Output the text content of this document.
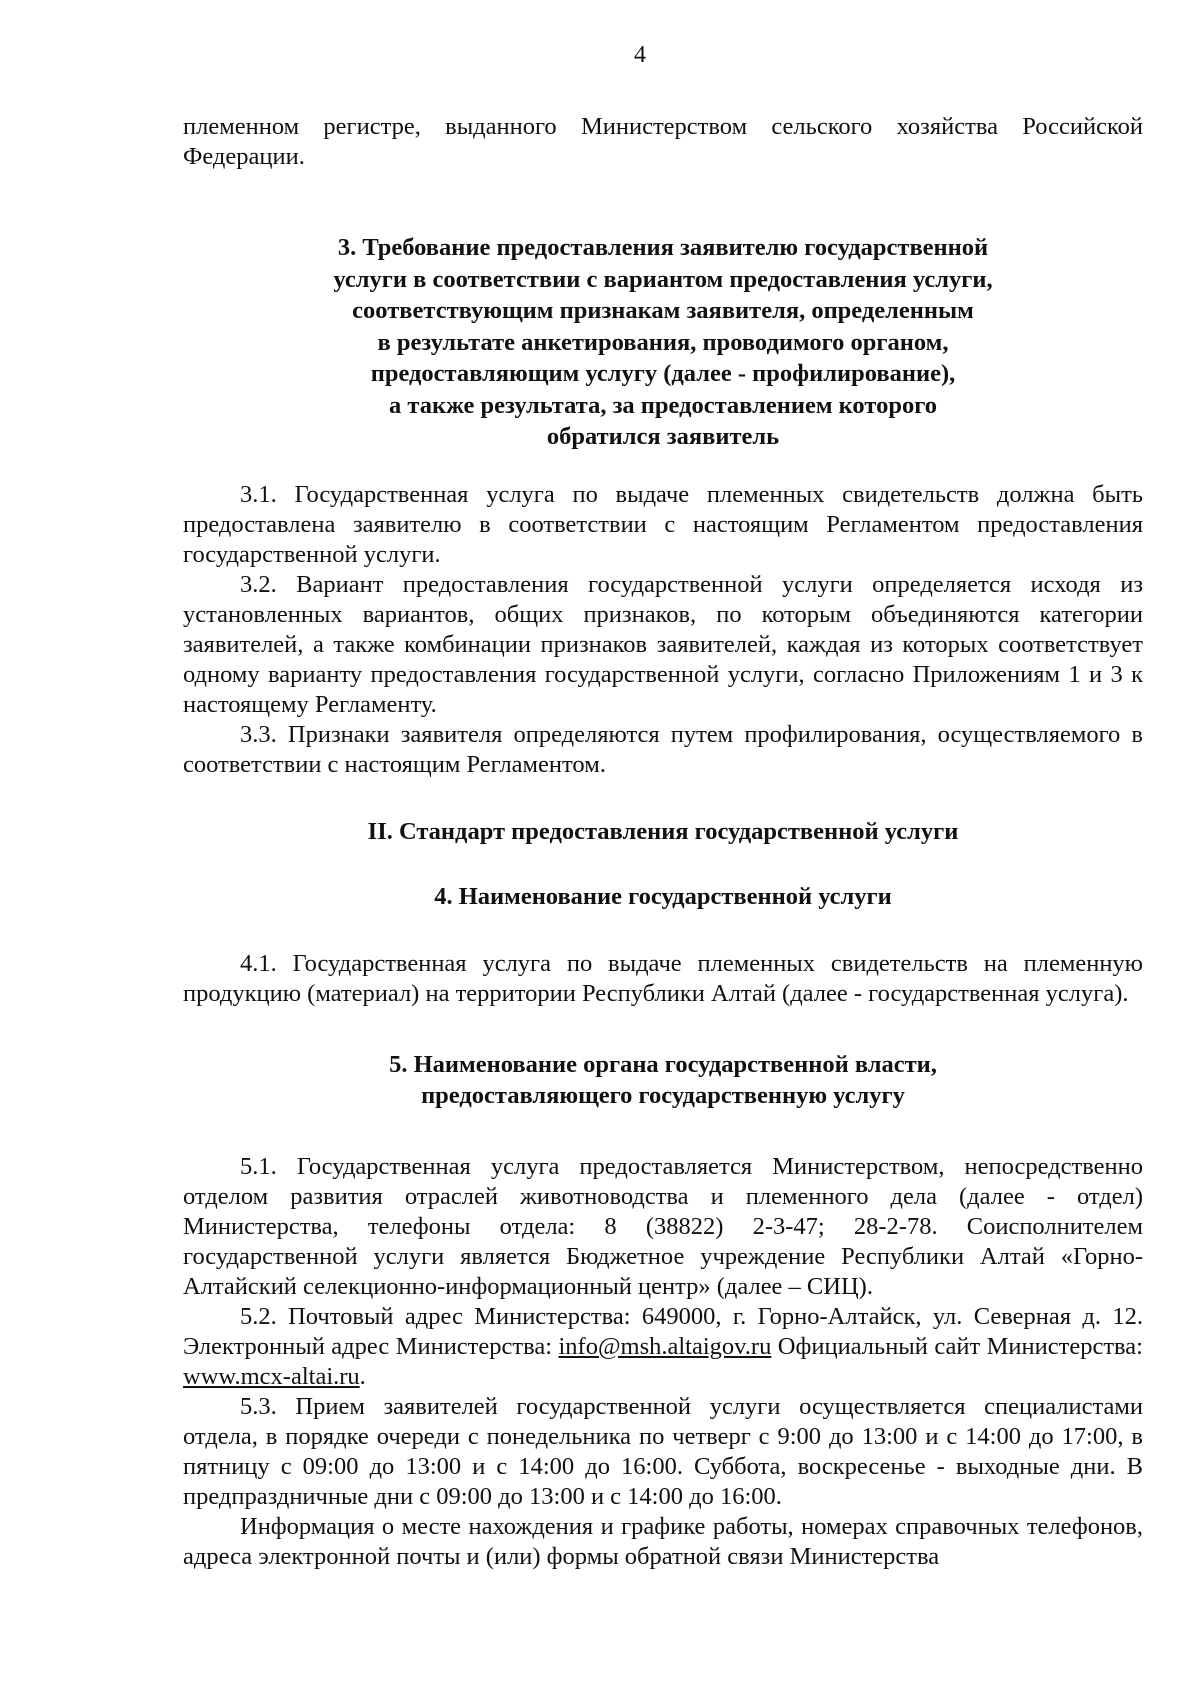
4

племенном регистре, выданного Министерством сельского хозяйства Российской Федерации.

3. Требование предоставления заявителю государственной
услуги в соответствии с вариантом предоставления услуги,
соответствующим признакам заявителя, определенным
в результате анкетирования, проводимого органом,
предоставляющим услугу (далее - профилирование),
а также результата, за предоставлением которого
обратился заявитель

3.1. Государственная услуга по выдаче племенных свидетельств должна быть предоставлена заявителю в соответствии с настоящим Регламентом предоставления государственной услуги.

3.2. Вариант предоставления государственной услуги определяется исходя из установленных вариантов, общих признаков, по которым объединяются категории заявителей, а также комбинации признаков заявителей, каждая из которых соответствует одному варианту предоставления государственной услуги, согласно Приложениям 1 и 3 к настоящему Регламенту.

3.3. Признаки заявителя определяются путем профилирования, осуществляемого в соответствии с настоящим Регламентом.

II. Стандарт предоставления государственной услуги
4. Наименование государственной услуги

4.1. Государственная услуга по выдаче племенных свидетельств на племенную продукцию (материал) на территории Республики Алтай (далее - государственная услуга).

5. Наименование органа государственной власти,
предоставляющего государственную услугу

5.1. Государственная услуга предоставляется Министерством, непосредственно отделом развития отраслей животноводства и племенного дела (далее - отдел) Министерства, телефоны отдела: 8 (38822) 2-3-47; 28-2-78. Соисполнителем государственной услуги является Бюджетное учреждение Республики Алтай «Горно-Алтайский селекционно-информационный центр» (далее – СИЦ).

5.2. Почтовый адрес Министерства: 649000, г. Горно-Алтайск, ул. Северная д. 12. Электронный адрес Министерства: info@msh.altaigov.ru Официальный сайт Министерства: www.mcx-altai.ru.

5.3. Прием заявителей государственной услуги осуществляется специалистами отдела, в порядке очереди с понедельника по четверг с 9:00 до 13:00 и с 14:00 до 17:00, в пятницу с 09:00 до 13:00 и с 14:00 до 16:00. Суббота, воскресенье - выходные дни. В предпраздничные дни с 09:00 до 13:00 и с 14:00 до 16:00.

Информация о месте нахождения и графике работы, номерах справочных телефонов, адреса электронной почты и (или) формы обратной связи Министерства
